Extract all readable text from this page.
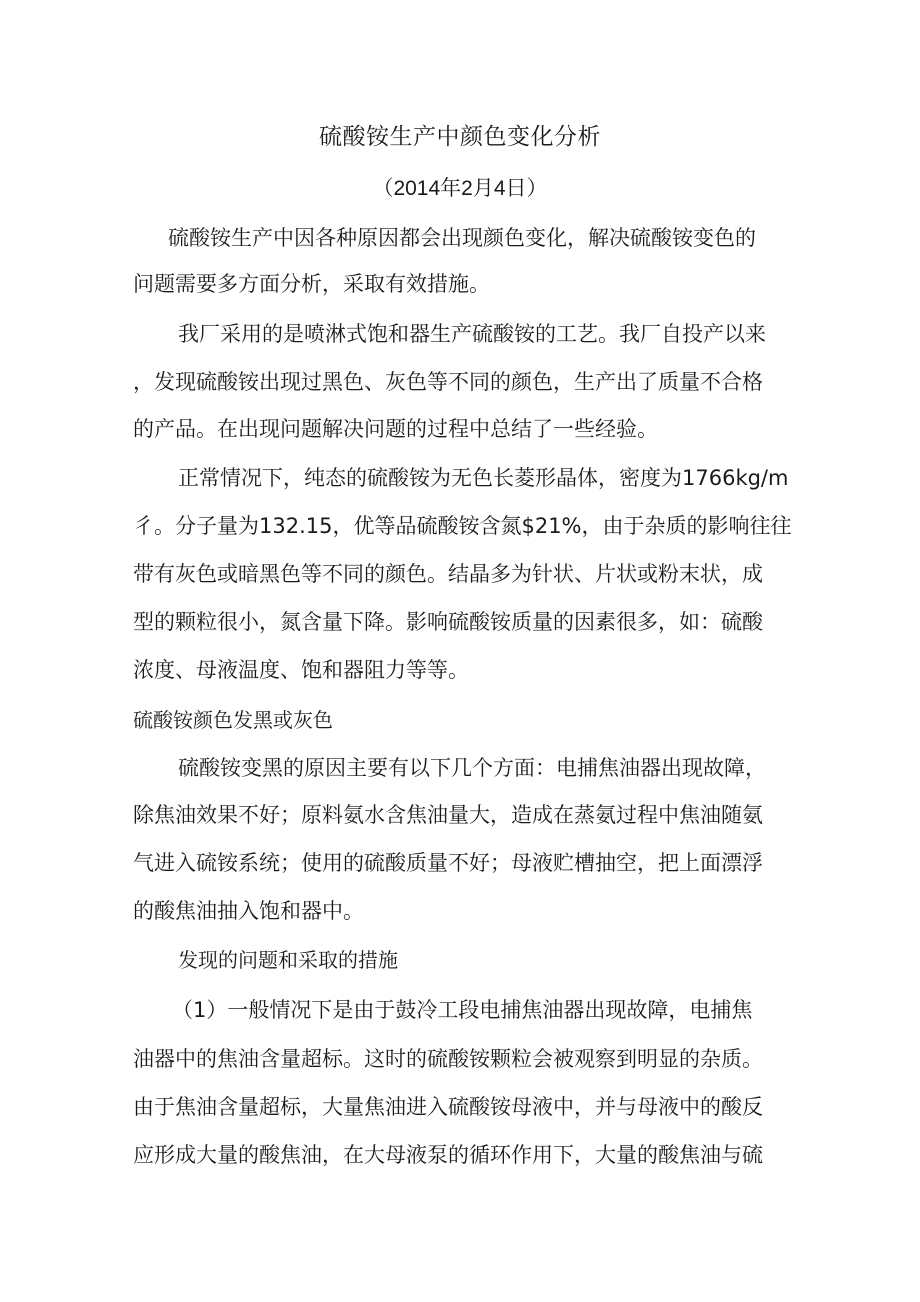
硫酸铵生产中颜色变化分析
（2014年2月4日）
硫酸铵生产中因各种原因都会出现颜色变化，解决硫酸铵变色的
问题需要多方面分析，采取有效措施。
我厂采用的是喷淋式饱和器生产硫酸铵的工艺。我厂自投产以来
，发现硫酸铵出现过黑色、灰色等不同的颜色，生产出了质量不合格
的产品。在出现问题解决问题的过程中总结了一些经验。
正常情况下，纯态的硫酸铵为无色长菱形晶体，密度为1766kg/m
彳。分子量为132.15，优等品硫酸铵含氮$21%，由于杂质的影响往往
带有灰色或暗黑色等不同的颜色。结晶多为针状、片状或粉末状，成
型的颗粒很小，氮含量下降。影响硫酸铵质量的因素很多，如：硫酸
浓度、母液温度、饱和器阻力等等。
硫酸铵颜色发黑或灰色
硫酸铵变黑的原因主要有以下几个方面：电捕焦油器出现故障，
除焦油效果不好；原料氨水含焦油量大，造成在蒸氨过程中焦油随氨
气进入硫铵系统；使用的硫酸质量不好；母液贮槽抽空，把上面漂浮
的酸焦油抽入饱和器中。
发现的问题和采取的措施
（1）一般情况下是由于鼓冷工段电捕焦油器出现故障，电捕焦
油器中的焦油含量超标。这时的硫酸铵颗粒会被观察到明显的杂质。
由于焦油含量超标，大量焦油进入硫酸铵母液中，并与母液中的酸反
应形成大量的酸焦油，在大母液泵的循环作用下，大量的酸焦油与硫
